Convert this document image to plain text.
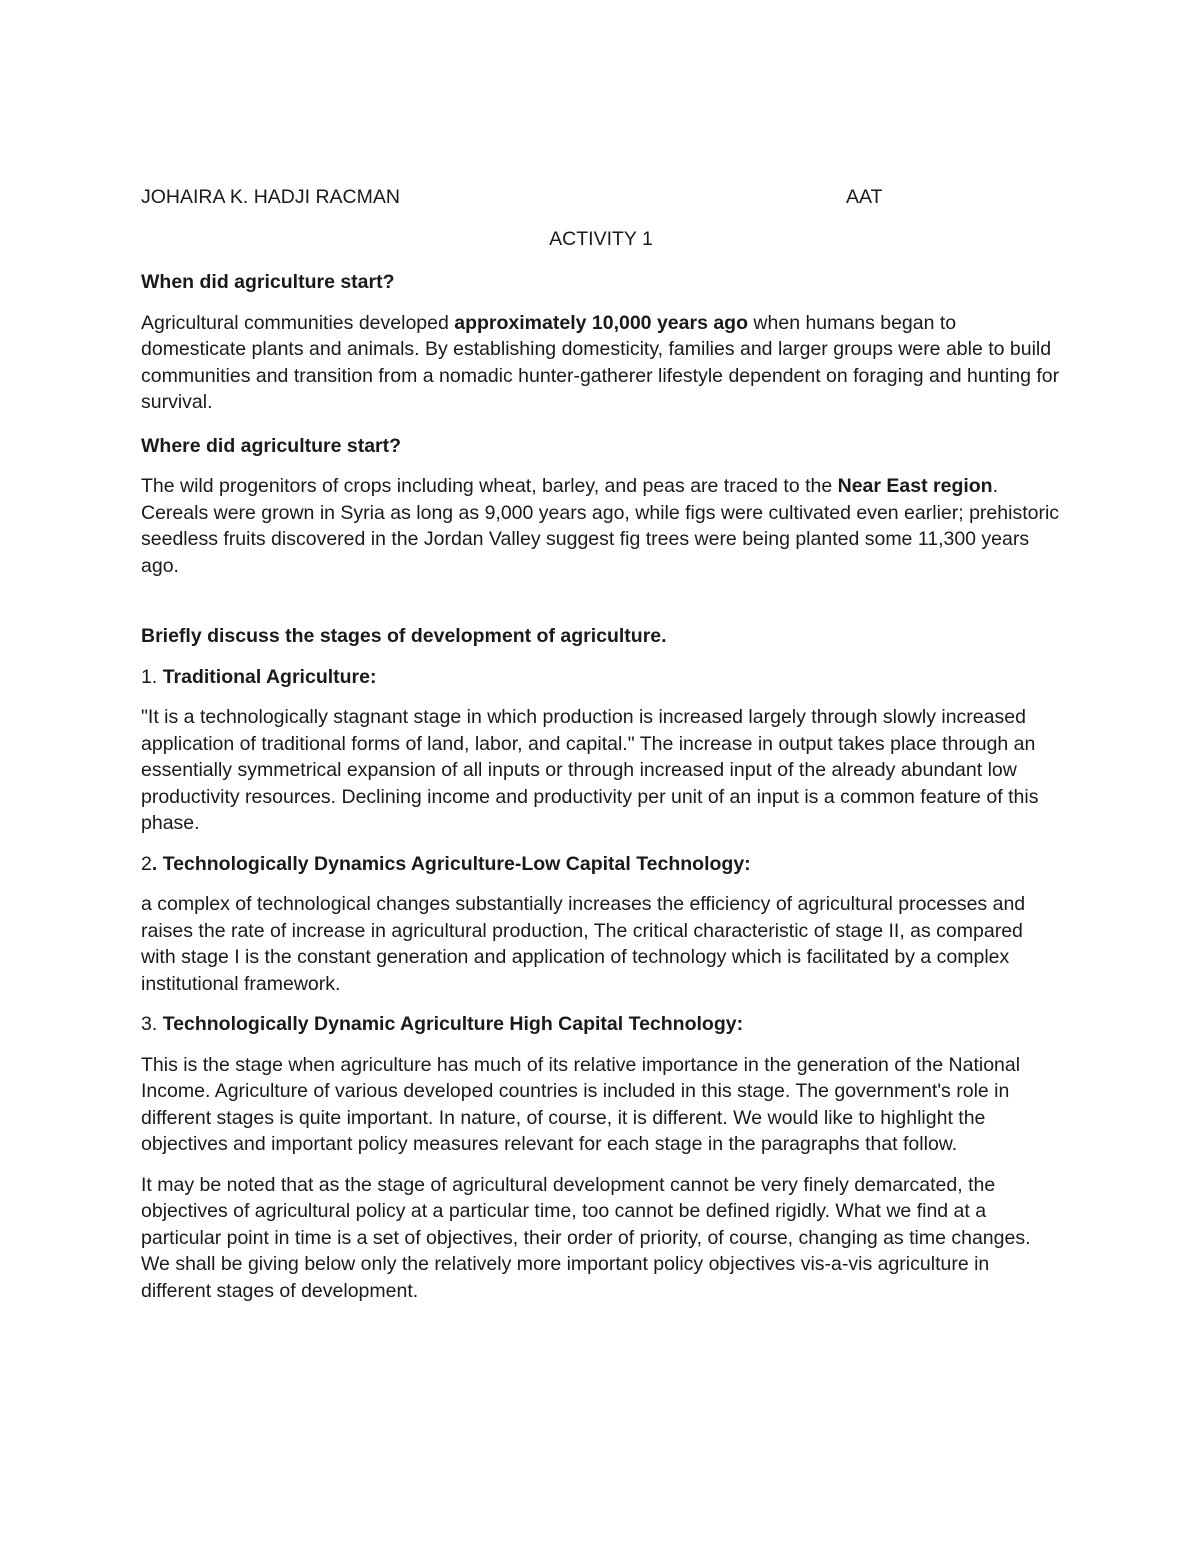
JOHAIRA K. HADJI RACMAN	AAT
ACTIVITY 1
When did agriculture start?

Agricultural communities developed approximately 10,000 years ago when humans began to domesticate plants and animals. By establishing domesticity, families and larger groups were able to build communities and transition from a nomadic hunter-gatherer lifestyle dependent on foraging and hunting for survival.

Where did agriculture start?

The wild progenitors of crops including wheat, barley, and peas are traced to the Near East region. Cereals were grown in Syria as long as 9,000 years ago, while figs were cultivated even earlier; prehistoric seedless fruits discovered in the Jordan Valley suggest fig trees were being planted some 11,300 years ago.

Briefly discuss the stages of development of agriculture.

1. Traditional Agriculture:

"It is a technologically stagnant stage in which production is increased largely through slowly increased application of traditional forms of land, labor, and capital." The increase in output takes place through an essentially symmetrical expansion of all inputs or through increased input of the already abundant low productivity resources. Declining income and productivity per unit of an input is a common feature of this phase.

2. Technologically Dynamics Agriculture-Low Capital Technology:

a complex of technological changes substantially increases the efficiency of agricultural processes and raises the rate of increase in agricultural production, The critical characteristic of stage II, as compared with stage I is the constant generation and application of technology which is facilitated by a complex institutional framework.

3. Technologically Dynamic Agriculture High Capital Technology:

This is the stage when agriculture has much of its relative importance in the generation of the National Income. Agriculture of various developed countries is included in this stage. The government's role in different stages is quite important. In nature, of course, it is different. We would like to highlight the objectives and important policy measures relevant for each stage in the paragraphs that follow.

It may be noted that as the stage of agricultural development cannot be very finely demarcated, the objectives of agricultural policy at a particular time, too cannot be defined rigidly. What we find at a particular point in time is a set of objectives, their order of priority, of course, changing as time changes. We shall be giving below only the relatively more important policy objectives vis-a-vis agriculture in different stages of development.
